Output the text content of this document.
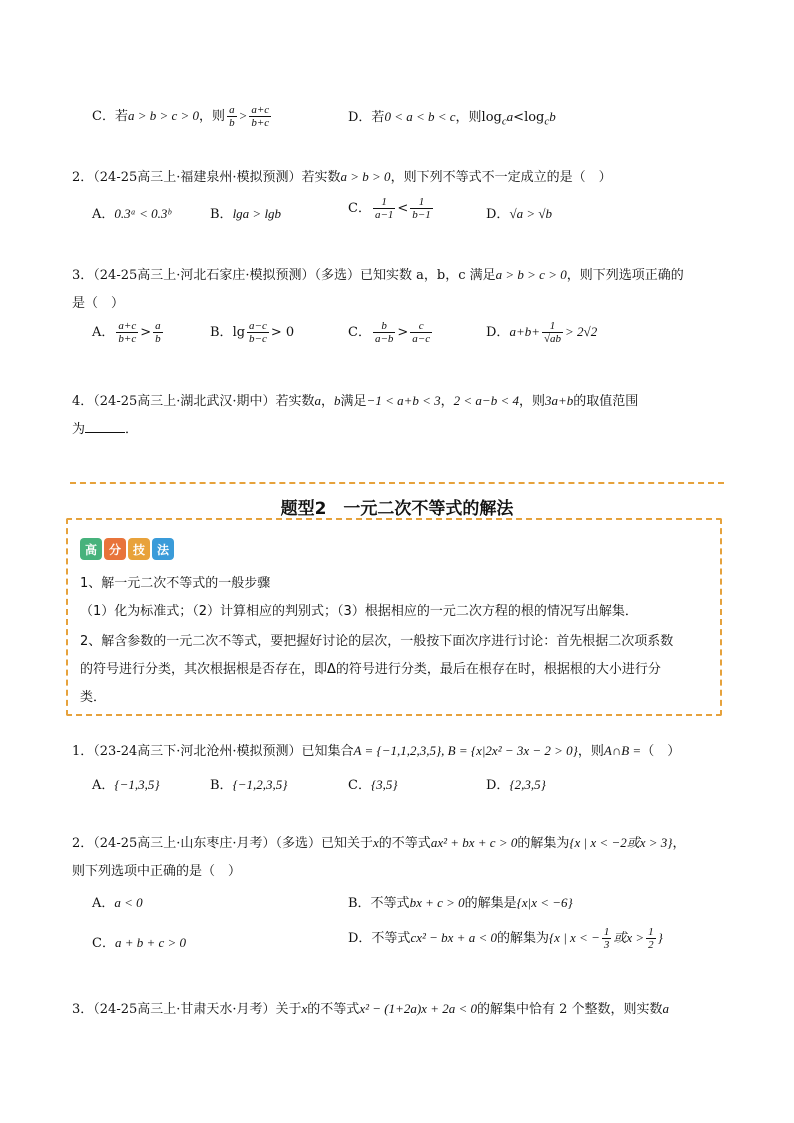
C．若a > b > c > 0，则 $\frac{a}{b} > \frac{a+c}{b+c}$	D．若0 < a < b < c，则$\log_ca<\log_cb$
2．（24-25高三上·福建泉州·模拟预测）若实数a > b > 0，则下列不等式不一定成立的是（　）
A．0.3ᵃ < 0.3ᵇ	B．lga > lgb	C． $\frac{1}{a-1} < \frac{1}{b-1}$	D．√a > √b
3．（24-25高三上·河北石家庄·模拟预测）（多选）已知实数 a，b，c 满足a > b > c > 0，则下列选项正确的
是（　）
A． $\frac{a+c}{b+c} > \frac{a}{b}$	B．$\lg \frac{a-c}{b-c} > 0$	C． $\frac{b}{a-b} > \frac{c}{a-c}$	D．$a+b+ \frac{1}{√ab} > 2√2$
4．（24-25高三上·湖北武汉·期中）若实数a，b满足−1 < a+b < 3，2 < a−b < 4，则3a+b的取值范围
为	．
题型2　一元二次不等式的解法
高 分 技 法
1、解一元二次不等式的一般步骤
（1）化为标准式；（2）计算相应的判别式；（3）根据相应的一元二次方程的根的情况写出解集．
2、解含参数的一元二次不等式，要把握好讨论的层次，一般按下面次序进行讨论：首先根据二次项系数
的符号进行分类，其次根据根是否存在，即Δ的符号进行分类，最后在根存在时，根据根的大小进行分
类．
1．（23-24高三下·河北沧州·模拟预测）已知集合A = {−1,1,2,3,5}, B = {x|2x² − 3x − 2 > 0}，则A∩B =（　）
A．{−1,3,5}	B．{−1,2,3,5}	C．{3,5}	D．{2,3,5}
2．（24-25高三上·山东枣庄·月考）（多选）已知关于x的不等式ax² + bx + c > 0的解集为{x | x < −2或x > 3}，
则下列选项中正确的是（　）
A．a < 0	B．不等式bx + c > 0的解集是{x|x < −6}
C．a + b + c > 0	D．不等式cx² − bx + a < 0的解集为{x | x < − $\frac{1}{3}$ 或$x > \frac{1}{2}$ }
3．（24-25高三上·甘肃天水·月考）关于x的不等式x² − (1+2a)x + 2a < 0的解集中恰有 2 个整数，则实数a
